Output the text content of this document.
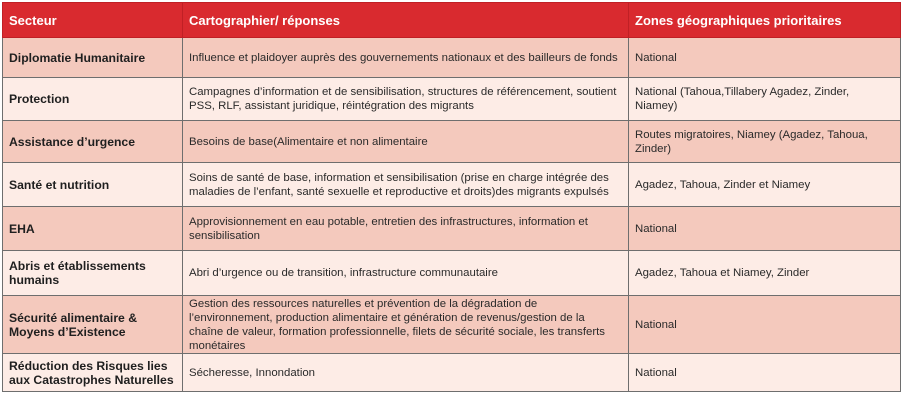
Secteur	Cartographier/ réponses	Zones géographiques prioritaires
Diplomatie Humanitaire	Influence et plaidoyer auprès des gouvernements nationaux et des bailleurs de fonds	National
Protection	Campagnes d’information et de sensibilisation, structures de référencement, soutient PSS, RLF, assistant juridique, réintégration des migrants	National (Tahoua,Tillabery Agadez, Zinder, Niamey)
Assistance d’urgence	Besoins de base(Alimentaire et non alimentaire	Routes migratoires, Niamey (Agadez, Tahoua, Zinder)
Santé et nutrition	Soins de santé de base, information et sensibilisation (prise en charge intégrée des maladies de l’enfant, santé sexuelle et reproductive et droits)des migrants expulsés	Agadez, Tahoua, Zinder et Niamey
EHA	Approvisionnement en eau potable, entretien des infrastructures, information et sensibilisation	National
Abris et établissements humains	Abri d’urgence ou de transition, infrastructure communautaire	Agadez, Tahoua et Niamey, Zinder
Sécurité alimentaire & Moyens d’Existence	Gestion des ressources naturelles et prévention de la dégradation de l’environnement, production alimentaire et génération de revenus/gestion de la chaîne de valeur, formation professionnelle, filets de sécurité sociale, les transferts monétaires	National
Réduction des Risques lies aux Catastrophes Naturelles	Sécheresse, Innondation	National
